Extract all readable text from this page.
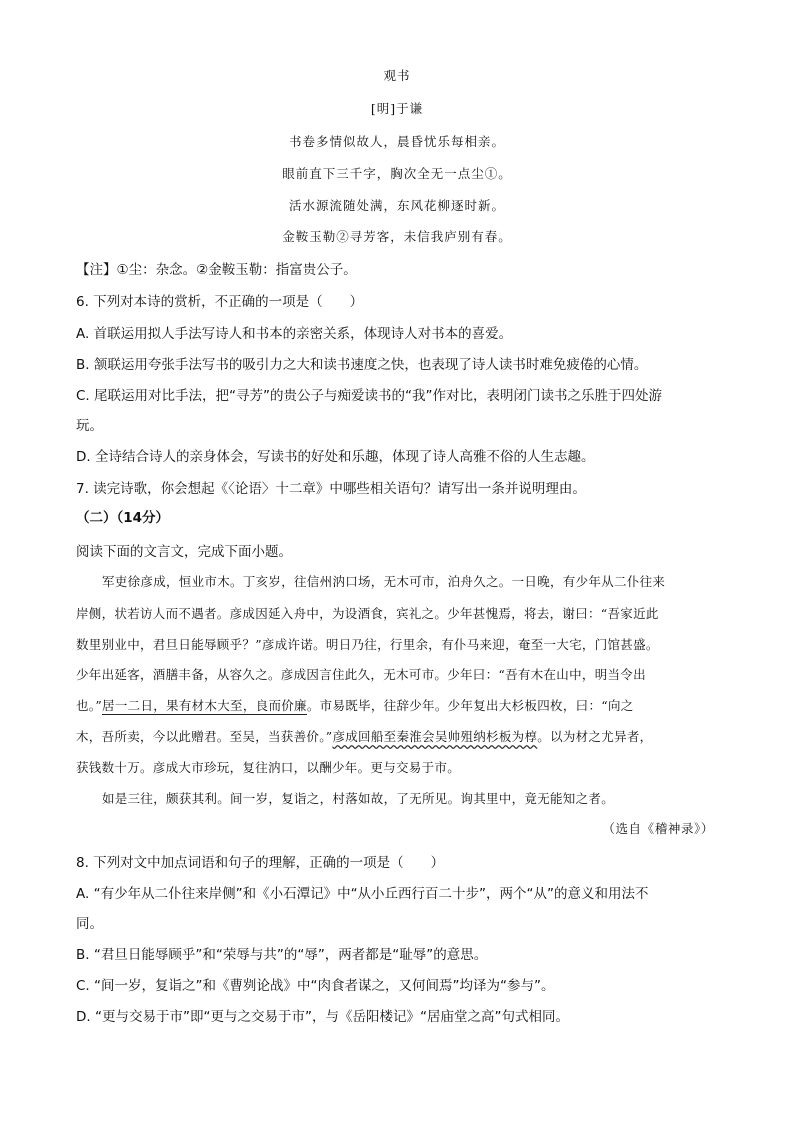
观书
[明]于谦
书卷多情似故人，晨昏忧乐每相亲。
眼前直下三千字，胸次全无一点尘①。
活水源流随处满，东风花柳逐时新。
金鞍玉勒②寻芳客，未信我庐别有春。
【注】①尘：杂念。②金鞍玉勒：指富贵公子。
6. 下列对本诗的赏析，不正确的一项是（　　）
A. 首联运用拟人手法写诗人和书本的亲密关系，体现诗人对书本的喜爱。
B. 颔联运用夸张手法写书的吸引力之大和读书速度之快，也表现了诗人读书时难免疲倦的心情。
C. 尾联运用对比手法，把“寻芳”的贵公子与痴爱读书的“我”作对比，表明闭门读书之乐胜于四处游
玩。
D. 全诗结合诗人的亲身体会，写读书的好处和乐趣，体现了诗人高雅不俗的人生志趣。
7. 读完诗歌，你会想起《〈论语〉十二章》中哪些相关语句？请写出一条并说明理由。
（二）（14分）
阅读下面的文言文，完成下面小题。
军吏徐彦成，恒业市木。丁亥岁，往信州汭口场，无木可市，泊舟久之。一日晚，有少年从二仆往来
岸侧，状若访人而不遇者。彦成因延入舟中，为设酒食，宾礼之。少年甚愧焉，将去，谢曰：“吾家近此
数里别业中，君旦日能辱顾乎？”彦成许诺。明日乃往，行里余，有仆马来迎，奄至一大宅，门馆甚盛。
少年出延客，酒膳丰备，从容久之。彦成因言住此久，无木可市。少年曰：“吾有木在山中，明当令出
也。”居一二日，果有材木大至，良而价廉。市易既毕，往辞少年。少年复出大杉板四枚，曰：“向之
木，吾所卖，今以此赠君。至吴，当获善价。”彦成回船至秦淮会吴帅殂纳杉板为椁。以为材之尤异者，
获钱数十万。彦成大市珍玩，复往汭口，以酬少年。更与交易于市。
如是三往，颇获其利。间一岁，复诣之，村落如故，了无所见。询其里中，竟无能知之者。
（选自《稽神录》）
8. 下列对文中加点词语和句子的理解，正确的一项是（　　）
A. “有少年从二仆往来岸侧”和《小石潭记》中“从小丘西行百二十步”，两个“从”的意义和用法不
同。
B. “君旦日能辱顾乎”和“荣辱与共”的“辱”，两者都是“耻辱”的意思。
C. “间一岁，复诣之”和《曹刿论战》中“肉食者谋之，又何间焉”均译为“参与”。
D. “更与交易于市”即“更与之交易于市”，与《岳阳楼记》“居庙堂之高”句式相同。
